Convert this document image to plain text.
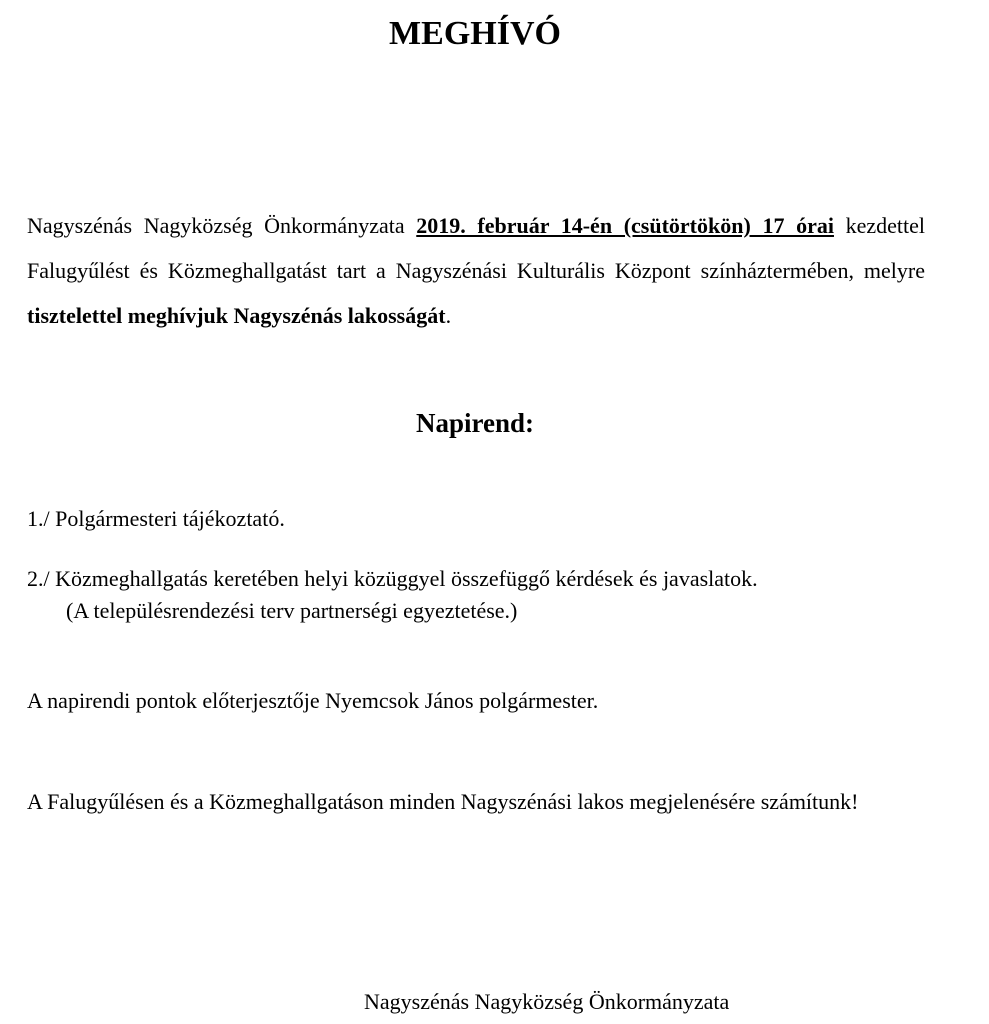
MEGHÍVÓ

Nagyszénás Nagyközség Önkormányzata 2019. február 14-én (csütörtökön) 17 órai kezdettel Falugyűlést és Közmeghallgatást tart a Nagyszénási Kulturális Központ színháztermében, melyre tisztelettel meghívjuk Nagyszénás lakosságát.

Napirend:

1./ Polgármesteri tájékoztató.

2./ Közmeghallgatás keretében helyi közüggyel összefüggő kérdések és javaslatok.

(A településrendezési terv partnerségi egyeztetése.)

A napirendi pontok előterjesztője Nyemcsok János polgármester.

A Falugyűlésen és a Közmeghallgatáson minden Nagyszénási lakos megjelenésére számítunk!

Nagyszénás Nagyközség Önkormányzata
